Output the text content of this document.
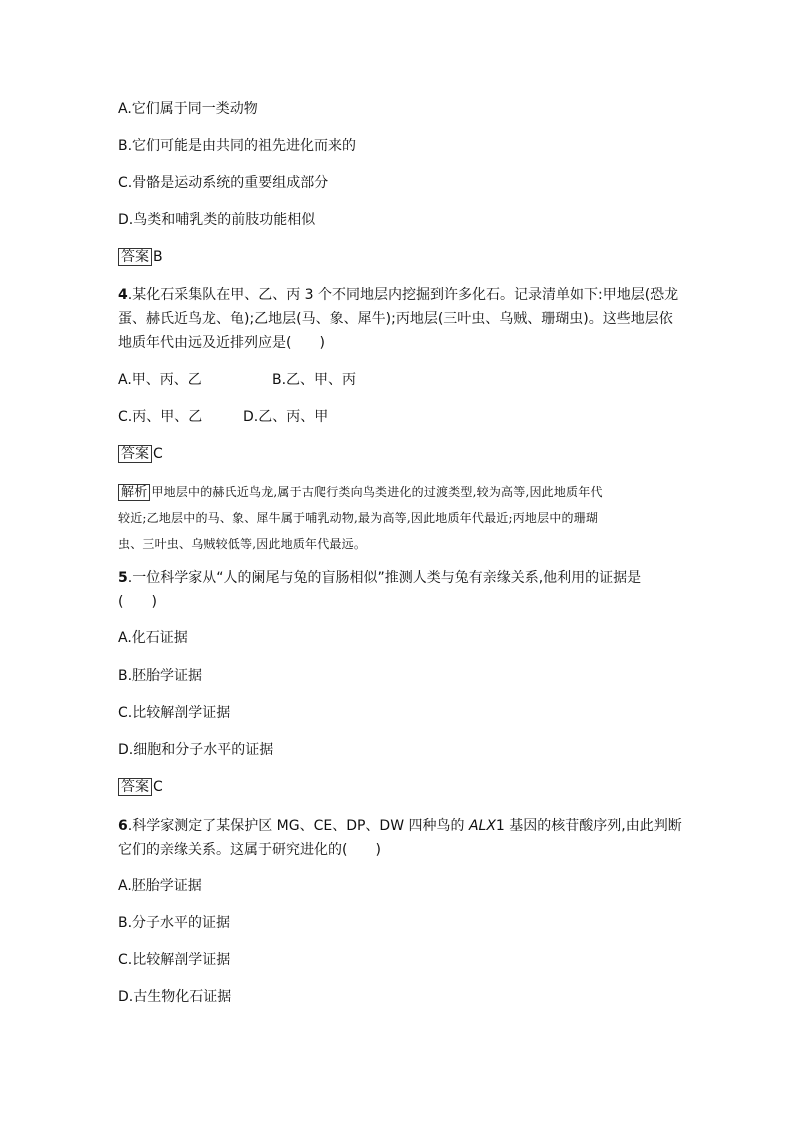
A.它们属于同一类动物
B.它们可能是由共同的祖先进化而来的
C.骨骼是运动系统的重要组成部分
D.鸟类和哺乳类的前肢功能相似
答案 B
4.某化石采集队在甲、乙、丙 3 个不同地层内挖掘到许多化石。记录清单如下:甲地层(恐龙
蛋、赫氏近鸟龙、龟);乙地层(马、象、犀牛);丙地层(三叶虫、乌贼、珊瑚虫)。这些地层依
地质年代由远及近排列应是( )
A.甲、丙、乙	B.乙、甲、丙
C.丙、甲、乙	D.乙、丙、甲
答案 C
解析 甲地层中的赫氏近鸟龙,属于古爬行类向鸟类进化的过渡类型,较为高等,因此地质年代
较近;乙地层中的马、象、犀牛属于哺乳动物,最为高等,因此地质年代最近;丙地层中的珊瑚
虫、三叶虫、乌贼较低等,因此地质年代最远。
5.一位科学家从“人的阑尾与兔的盲肠相似”推测人类与兔有亲缘关系,他利用的证据是
( )
A.化石证据
B.胚胎学证据
C.比较解剖学证据
D.细胞和分子水平的证据
答案 C
6.科学家测定了某保护区 MG、CE、DP、DW 四种鸟的 ALX1 基因的核苷酸序列,由此判断
它们的亲缘关系。这属于研究进化的( )
A.胚胎学证据
B.分子水平的证据
C.比较解剖学证据
D.古生物化石证据
